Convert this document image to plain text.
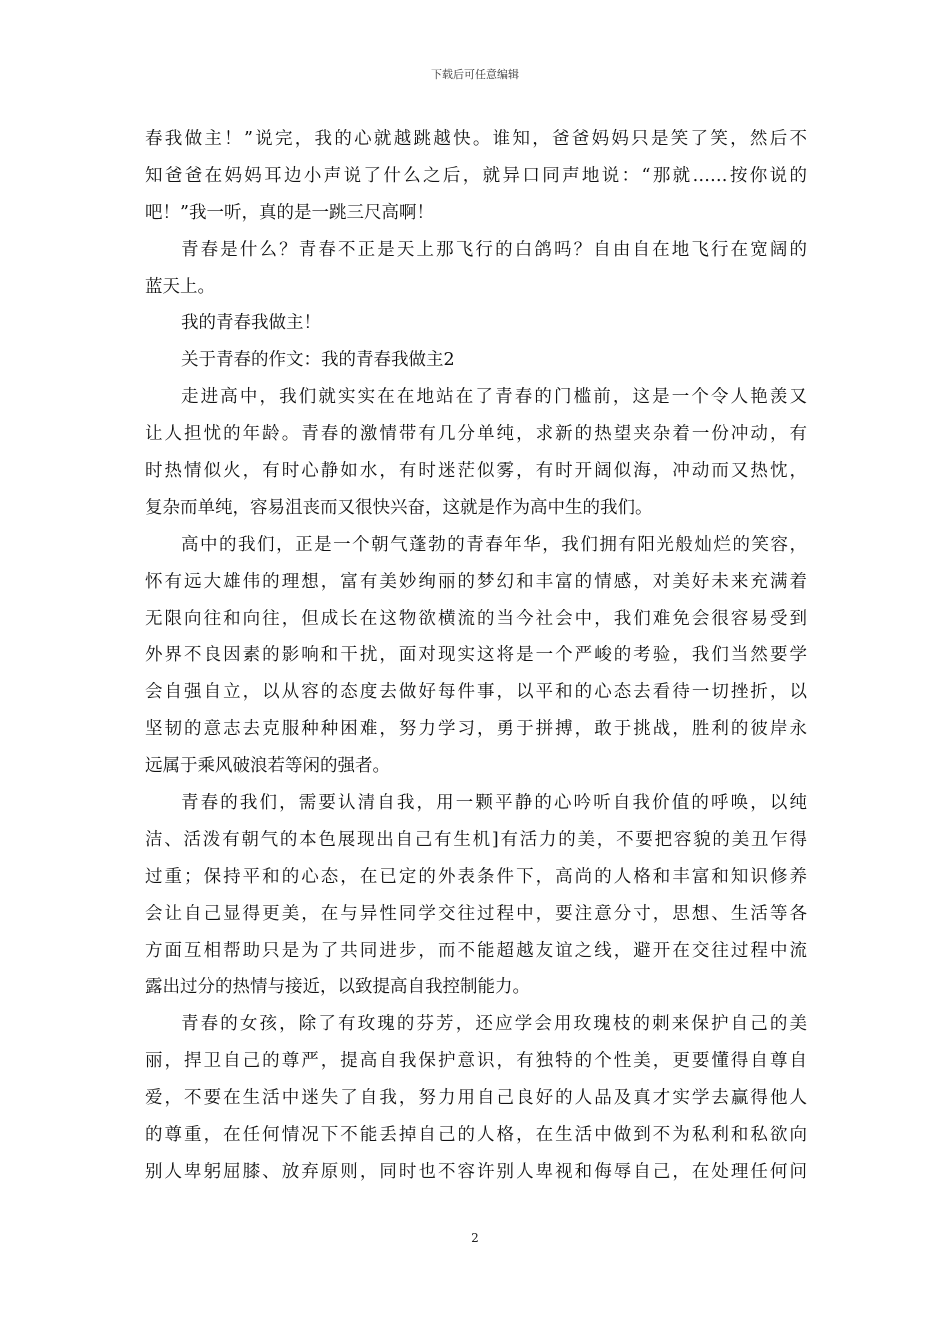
下载后可任意编辑
春我做主！”说完，我的心就越跳越快。谁知，爸爸妈妈只是笑了笑，然后不
知爸爸在妈妈耳边小声说了什么之后，就异口同声地说：“那就……按你说的
吧！”我一听，真的是一跳三尺高啊！
青春是什么？青春不正是天上那飞行的白鸽吗？自由自在地飞行在宽阔的
蓝天上。
我的青春我做主！
关于青春的作文：我的青春我做主2
走进高中，我们就实实在在地站在了青春的门槛前，这是一个令人艳羡又
让人担忧的年龄。青春的激情带有几分单纯，求新的热望夹杂着一份冲动，有
时热情似火，有时心静如水，有时迷茫似雾，有时开阔似海，冲动而又热忱，
复杂而单纯，容易沮丧而又很快兴奋，这就是作为高中生的我们。
高中的我们，正是一个朝气蓬勃的青春年华，我们拥有阳光般灿烂的笑容，
怀有远大雄伟的理想，富有美妙绚丽的梦幻和丰富的情感，对美好未来充满着
无限向往和向往，但成长在这物欲横流的当今社会中，我们难免会很容易受到
外界不良因素的影响和干扰，面对现实这将是一个严峻的考验，我们当然要学
会自强自立，以从容的态度去做好每件事，以平和的心态去看待一切挫折，以
坚韧的意志去克服种种困难，努力学习，勇于拼搏，敢于挑战，胜利的彼岸永
远属于乘风破浪若等闲的强者。
青春的我们，需要认清自我，用一颗平静的心吟听自我价值的呼唤，以纯
洁、活泼有朝气的本色展现出自己有生机]有活力的美，不要把容貌的美丑乍得
过重；保持平和的心态，在已定的外表条件下，高尚的人格和丰富和知识修养
会让自己显得更美，在与异性同学交往过程中，要注意分寸，思想、生活等各
方面互相帮助只是为了共同进步，而不能超越友谊之线，避开在交往过程中流
露出过分的热情与接近，以致提高自我控制能力。
青春的女孩，除了有玫瑰的芬芳，还应学会用玫瑰枝的刺来保护自己的美
丽，捍卫自己的尊严，提高自我保护意识，有独特的个性美，更要懂得自尊自
爱，不要在生活中迷失了自我，努力用自己良好的人品及真才实学去赢得他人
的尊重，在任何情况下不能丢掉自己的人格，在生活中做到不为私利和私欲向
别人卑躬屈膝、放弃原则，同时也不容许别人卑视和侮辱自己，在处理任何问
2
